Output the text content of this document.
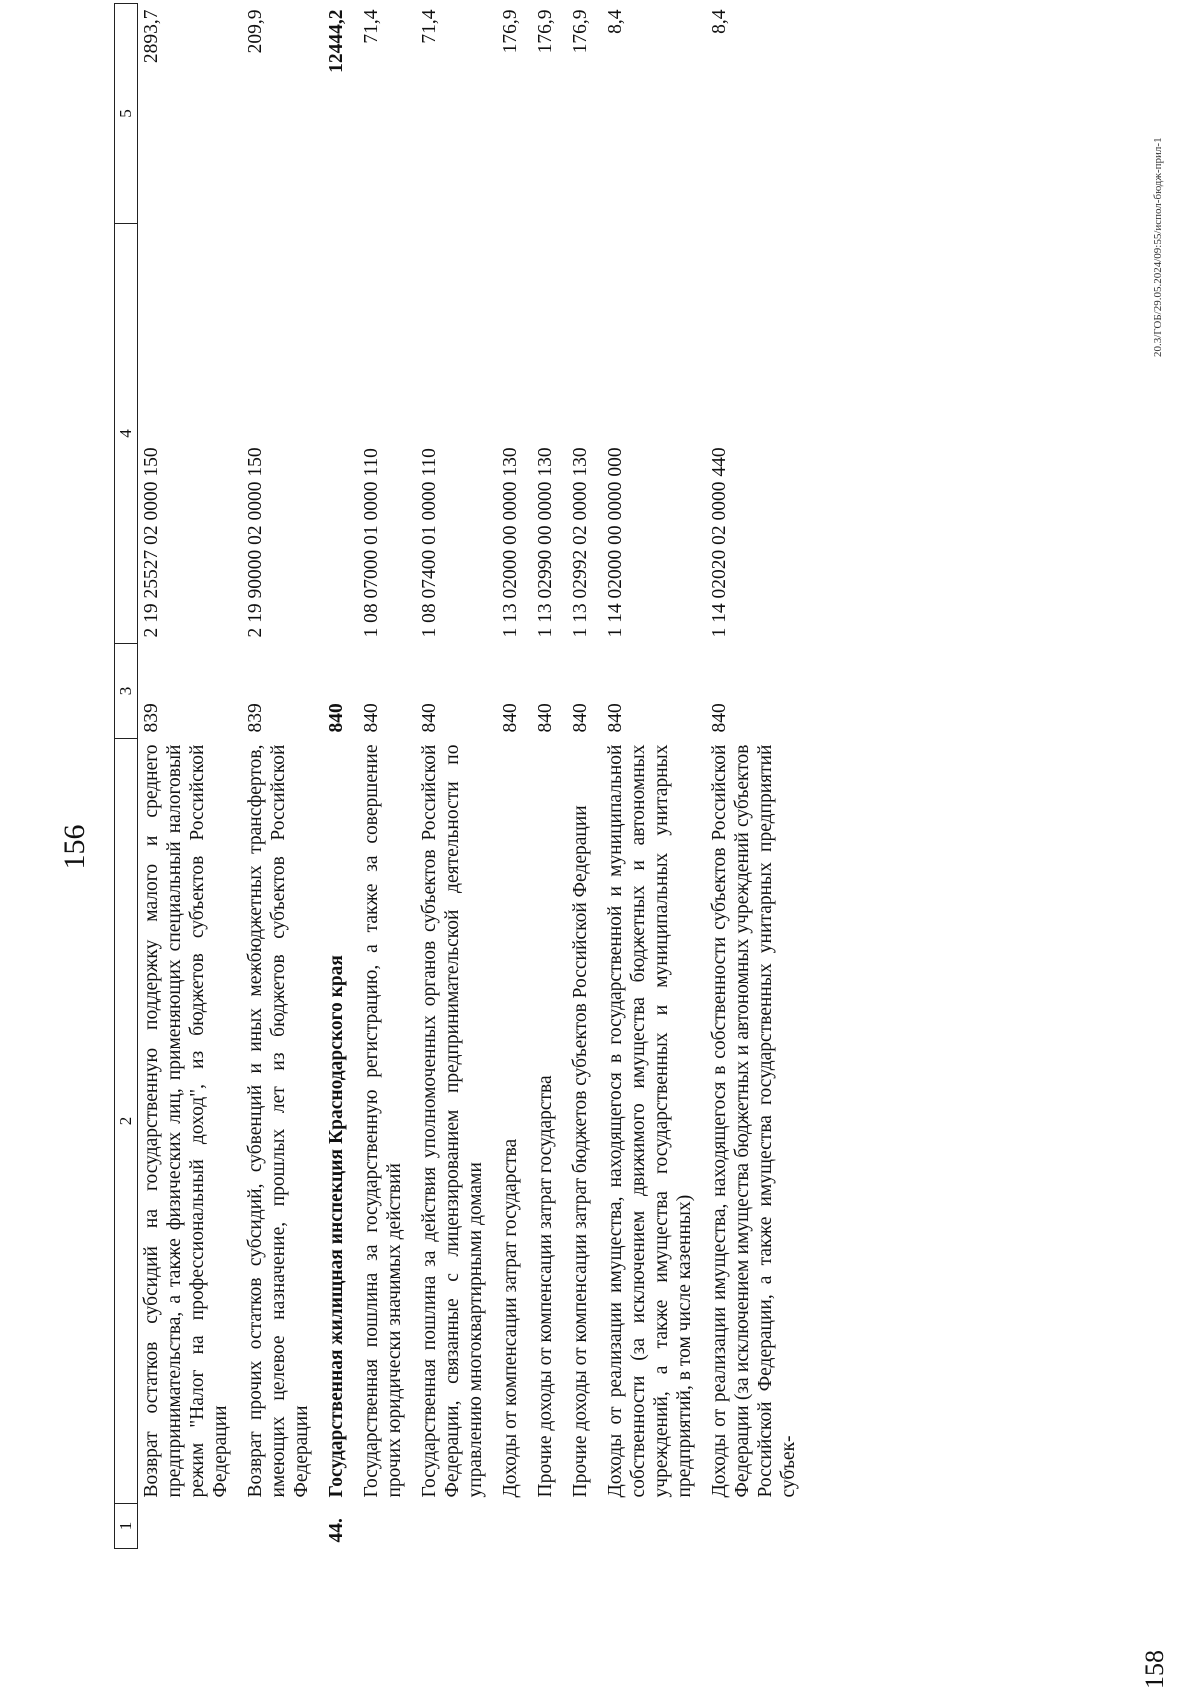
156
1	2	3	4	5
	Возврат остатков субсидий на государственную поддержку малого и среднего предпринимательства, а также физических лиц, применяющих специальный налоговый режим "Налог на профессиональный доход", из бюджетов субъектов Российской Федерации	839	2 19 25527 02 0000 150	2893,7
	Возврат прочих остатков субсидий, субвенций и иных межбюджетных трансфертов, имеющих целевое назначение, прошлых лет из бюджетов субъектов Российской Федерации	839	2 19 90000 02 0000 150	209,9
44.	Государственная жилищная инспекция Краснодарского края	840		12444,2
	Государственная пошлина за государственную регистрацию, а также за совершение прочих юридически значимых действий	840	1 08 07000 01 0000 110	71,4
	Государственная пошлина за действия уполномоченных органов субъектов Российской Федерации, связанные с лицензированием предпринимательской деятельности по управлению многоквартирными домами	840	1 08 07400 01 0000 110	71,4
	Доходы от компенсации затрат государства	840	1 13 02000 00 0000 130	176,9
	Прочие доходы от компенсации затрат государства	840	1 13 02990 00 0000 130	176,9
	Прочие доходы от компенсации затрат бюджетов субъектов Российской Федерации	840	1 13 02992 02 0000 130	176,9
	Доходы от реализации имущества, находящегося в государственной и муниципальной собственности (за исключением движимого имущества бюджетных и автономных учреждений, а также имущества государственных и муниципальных унитарных предприятий, в том числе казенных)	840	1 14 02000 00 0000 000	8,4
	Доходы от реализации имущества, находящегося в собственности субъектов Российской Федерации (за исключением имущества бюджетных и автономных учреждений субъектов Российской Федерации, а также имущества государственных унитарных предприятий субъек-	840	1 14 02020 02 0000 440	8,4
20.3/ГОБ/29.05.2024/09:55/испол-бюдж-прил-1
158
